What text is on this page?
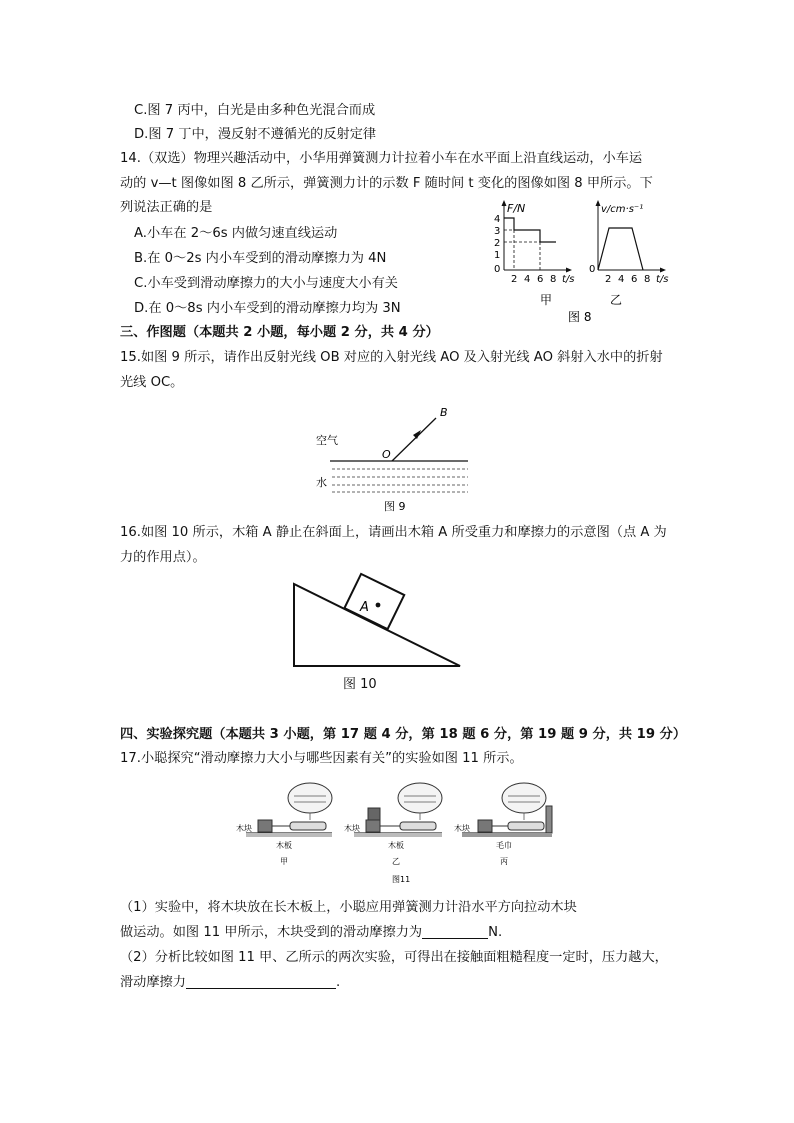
C.图 7 丙中，白光是由多种色光混合而成
D.图 7 丁中，漫反射不遵循光的反射定律
14.（双选）物理兴趣活动中，小华用弹簧测力计拉着小车在水平面上沿直线运动，小车运
动的 v—t 图像如图 8 乙所示，弹簧测力计的示数 F 随时间 t 变化的图像如图 8 甲所示。下
列说法正确的是
A.小车在 2～6s 内做匀速直线运动
B.在 0～2s 内小车受到的滑动摩擦力为 4N
C.小车受到滑动摩擦力的大小与速度大小有关
D.在 0～8s 内小车受到的滑动摩擦力均为 3N
F/N
4
3
2
1
0
2 4 6 8 t/s
甲
v/cm·s⁻¹
0
2 4 6 8 t/s
乙
图 8
三、作图题（本题共 2 小题，每小题 2 分，共 4 分）
15.如图 9 所示，请作出反射光线 OB 对应的入射光线 AO 及入射光线 AO 斜射入水中的折射
光线 OC。
空气
水
B
O
图 9
16.如图 10 所示，木箱 A 静止在斜面上，请画出木箱 A 所受重力和摩擦力的示意图（点 A 为
力的作用点）。
A
图 10
四、实验探究题（本题共 3 小题，第 17 题 4 分，第 18 题 6 分，第 19 题 9 分，共 19 分）
17.小聪探究“滑动摩擦力大小与哪些因素有关”的实验如图 11 所示。
木块
木板
甲
木块
木板
乙
木块
毛巾
丙
图11
（1）实验中，将木块放在长木板上，小聪应用弹簧测力计沿水平方向拉动木块
做运动。如图 11 甲所示，木块受到的滑动摩擦力为	N.
（2）分析比较如图 11 甲、乙所示的两次实验，可得出在接触面粗糙程度一定时，压力越大，
滑动摩擦力	.
